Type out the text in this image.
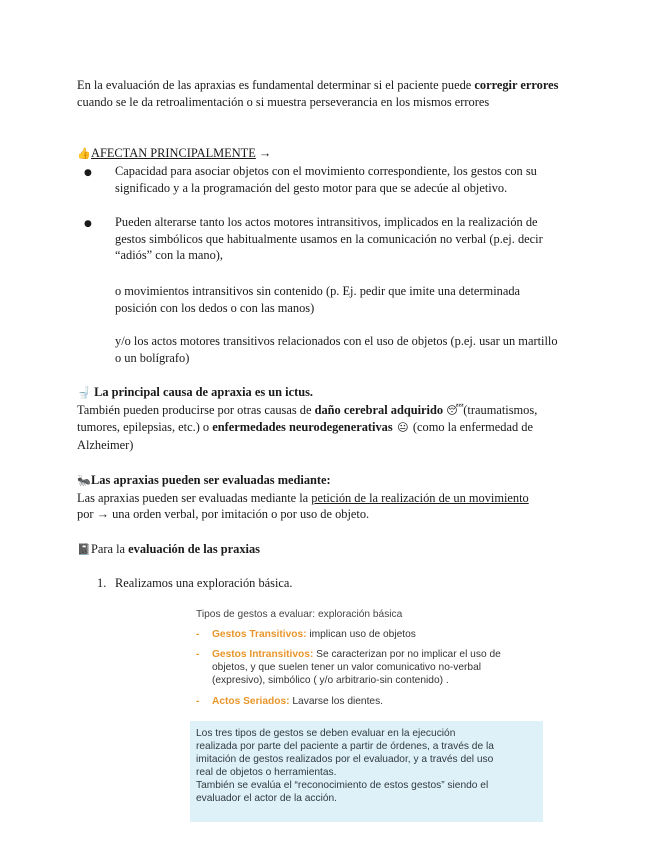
En la evaluación de las apraxias es fundamental determinar si el paciente puede corregir errores
cuando se le da retroalimentación o si muestra perseverancia en los mismos errores
👍AFECTAN PRINCIPALMENTE →
● Capacidad para asociar objetos con el movimiento correspondiente, los gestos con su
significado y a la programación del gesto motor para que se adecúe al objetivo.
● Pueden alterarse tanto los actos motores intransitivos, implicados en la realización de
gestos simbólicos que habitualmente usamos en la comunicación no verbal (p.ej. decir
“adiós” con la mano),
o movimientos intransitivos sin contenido (p. Ej. pedir que imite una determinada
posición con los dedos o con las manos)
y/o los actos motores transitivos relacionados con el uso de objetos (p.ej. usar un martillo
o un bolígrafo)
🚽 La principal causa de apraxia es un ictus.
También pueden producirse por otras causas de daño cerebral adquirido 😴 (traumatismos,
tumores, epilepsias, etc.) o enfermedades neurodegenerativas 😐 (como la enfermedad de
Alzheimer)
🐜Las apraxias pueden ser evaluadas mediante:
Las apraxias pueden ser evaluadas mediante la petición de la realización de un movimiento
por → una orden verbal, por imitación o por uso de objeto.
📓Para la evaluación de las praxias
1. Realizamos una exploración básica.
Tipos de gestos a evaluar: exploración básica
- Gestos Transitivos: implican uso de objetos
- Gestos Intransitivos: Se caracterizan por no implicar el uso de
objetos, y que suelen tener un valor comunicativo no-verbal
(expresivo), simbólico ( y/o arbitrario-sin contenido) .
- Actos Seriados: Lavarse los dientes.
Los tres tipos de gestos se deben evaluar en la ejecución
realizada por parte del paciente a partir de órdenes, a través de la
imitación de gestos realizados por el evaluador, y a través del uso
real de objetos o herramientas.
También se evalúa el “reconocimiento de estos gestos” siendo el
evaluador el actor de la acción.
